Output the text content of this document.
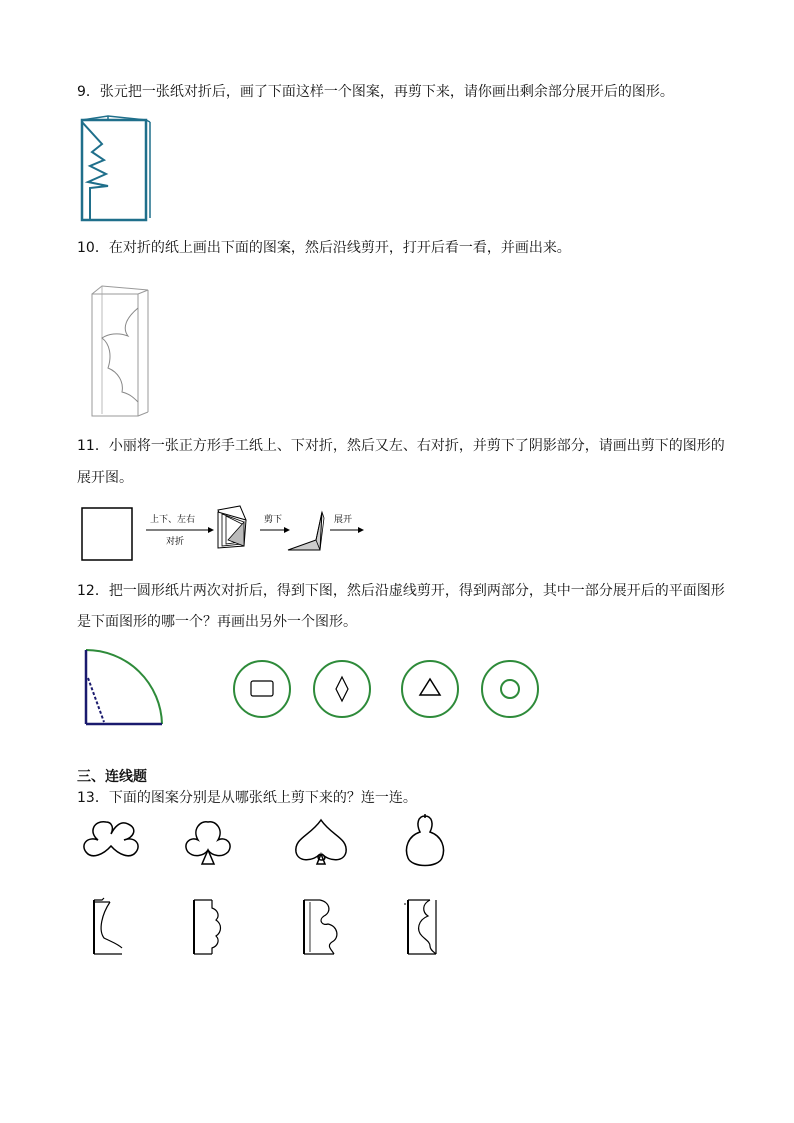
9．张元把一张纸对折后，画了下面这样一个图案，再剪下来，请你画出剩余部分展开后的图形。
10．在对折的纸上画出下面的图案，然后沿线剪开，打开后看一看，并画出来。
11．小丽将一张正方形手工纸上、下对折，然后又左、右对折，并剪下了阴影部分，请画出剪下的图形的
展开图。
上下、左右
对折
剪下	展开
12．把一圆形纸片两次对折后，得到下图，然后沿虚线剪开，得到两部分，其中一部分展开后的平面图形
是下面图形的哪一个？再画出另外一个图形。
三、连线题
13．下面的图案分别是从哪张纸上剪下来的？连一连。
